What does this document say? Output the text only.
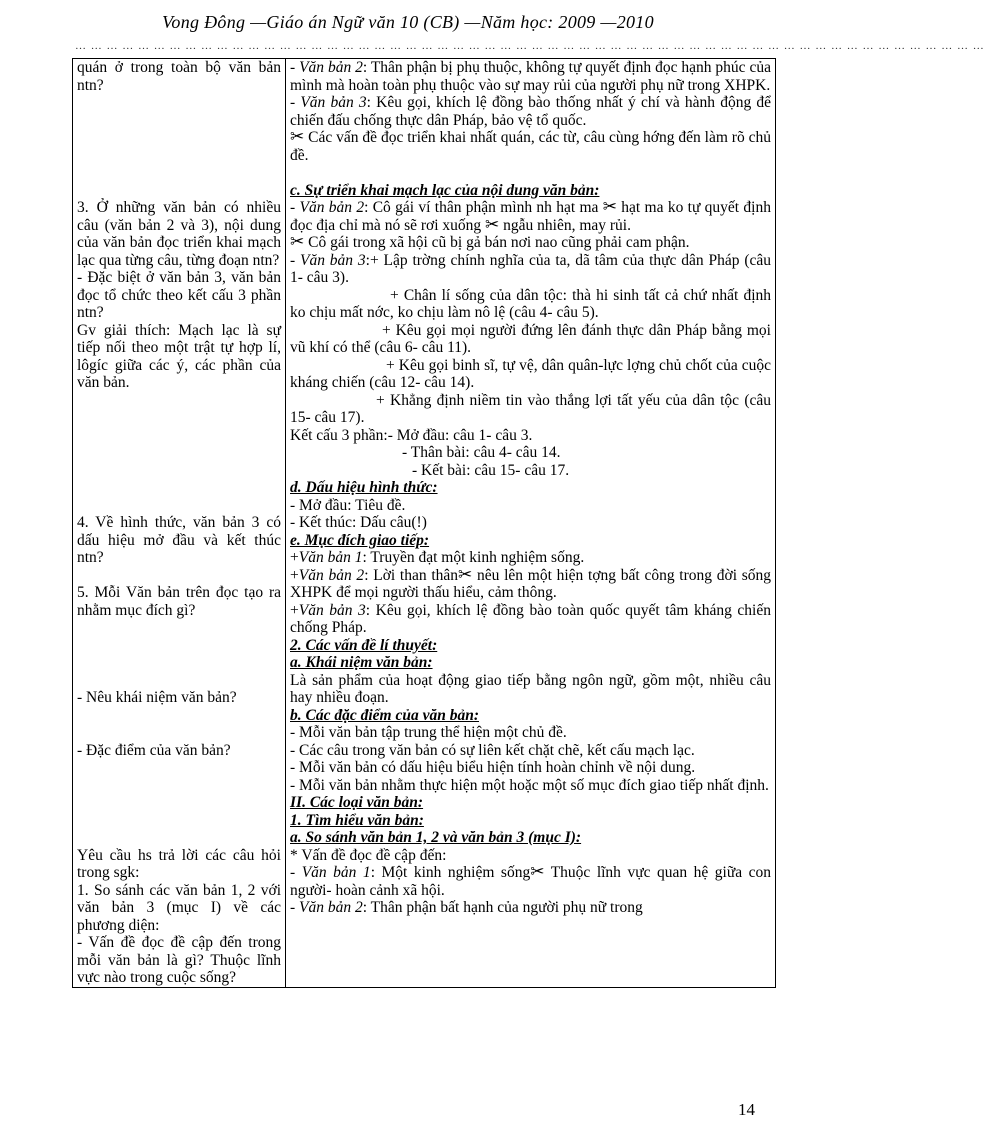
Vong Đông —Giáo án Ngữ văn 10 (CB) —Năm học: 2009 —2010
… … … … … … … … … … … … … … … … … … … … … … … … … … … … … … … … … … … … … … … … … … … … … … … … … … … … … … … … … …
quán ở trong toàn bộ văn bản ntn?
3. Ở những văn bản có nhiều câu (văn bản 2 và 3), nội dung của văn bản đọc triển khai mạch lạc qua từng câu, từng đoạn ntn?
- Đặc biệt ở văn bản 3, văn bản đọc tổ chức theo kết cấu 3 phần ntn?
Gv giải thích: Mạch lạc là sự tiếp nối theo một trật tự hợp lí, lôgíc giữa các ý, các phần của văn bản.
4. Về hình thức, văn bản 3 có dấu hiệu mở đầu và kết thúc ntn?
5. Mỗi Văn bản trên đọc tạo ra nhằm mục đích gì?
- Nêu khái niệm văn bản?
- Đặc điểm của văn bản?
Yêu cầu hs trả lời các câu hỏi trong sgk:
1. So sánh các văn bản 1, 2 với văn bản 3 (mục I) về các phương diện:
- Vấn đề đọc đề cập đến trong mỗi văn bản là gì? Thuộc lĩnh vực nào trong cuộc sống?

- Văn bản 2: Thân phận bị phụ thuộc, không tự quyết định đọc hạnh phúc của mình mà hoàn toàn phụ thuộc vào sự may rủi của người phụ nữ trong XHPK.
- Văn bản 3: Kêu gọi, khích lệ đồng bào thống nhất ý chí và hành động để chiến đấu chống thực dân Pháp, bảo vệ tổ quốc.
✂ Các vấn đề đọc triển khai nhất quán, các từ, câu cùng hớng đến làm rõ chủ đề.
c. Sự triển khai mạch lạc của nội dung văn bản:
- Văn bản 2: Cô gái ví thân phận mình nh hạt ma ✂ hạt ma ko tự quyết định đọc địa chỉ mà nó sẽ rơi xuống ✂ ngẫu nhiên, may rủi.
✂ Cô gái trong xã hội cũ bị gả bán nơi nao cũng phải cam phận.
- Văn bản 3:+ Lập trờng chính nghĩa của ta, dã tâm của thực dân Pháp (câu 1- câu 3).
+ Chân lí sống của dân tộc: thà hi sinh tất cả chứ nhất định ko chịu mất nớc, ko chịu làm nô lệ (câu 4- câu 5).
+ Kêu gọi mọi người đứng lên đánh thực dân Pháp bằng mọi vũ khí có thể (câu 6- câu 11).
+ Kêu gọi binh sĩ, tự vệ, dân quân-lực lợng chủ chốt của cuộc kháng chiến (câu 12- câu 14).
+ Khẳng định niềm tin vào thắng lợi tất yếu của dân tộc (câu 15- câu 17).
Kết cấu 3 phần:- Mở đầu: câu 1- câu 3.
- Thân bài: câu 4- câu 14.
- Kết bài: câu 15- câu 17.
d. Dấu hiệu hình thức:
- Mở đầu: Tiêu đề.
- Kết thúc: Dấu câu(!)
e. Mục đích giao tiếp:
+Văn bản 1: Truyền đạt một kinh nghiệm sống.
+Văn bản 2: Lời than thân✂ nêu lên một hiện tợng bất công trong đời sống XHPK để mọi người thấu hiểu, cảm thông.
+Văn bản 3: Kêu gọi, khích lệ đồng bào toàn quốc quyết tâm kháng chiến chống Pháp.
2. Các vấn đề lí thuyết:
a. Khái niệm văn bản:
Là sản phẩm của hoạt động giao tiếp bằng ngôn ngữ, gồm một, nhiều câu hay nhiều đoạn.
b. Các đặc điểm của văn bản:
- Mỗi văn bản tập trung thể hiện một chủ đề.
- Các câu trong văn bản có sự liên kết chặt chẽ, kết cấu mạch lạc.
- Mỗi văn bản có dấu hiệu biểu hiện tính hoàn chỉnh về nội dung.
- Mỗi văn bản nhằm thực hiện một hoặc một số mục đích giao tiếp nhất định.
II. Các loại văn bản:
1. Tìm hiểu văn bản:
a. So sánh văn bản 1, 2 và văn bản 3 (mục I):
* Vấn đề đọc đề cập đến:
- Văn bản 1: Một kinh nghiệm sống✂ Thuộc lĩnh vực quan hệ giữa con người- hoàn cảnh xã hội.
- Văn bản 2: Thân phận bất hạnh của người phụ nữ trong
14
